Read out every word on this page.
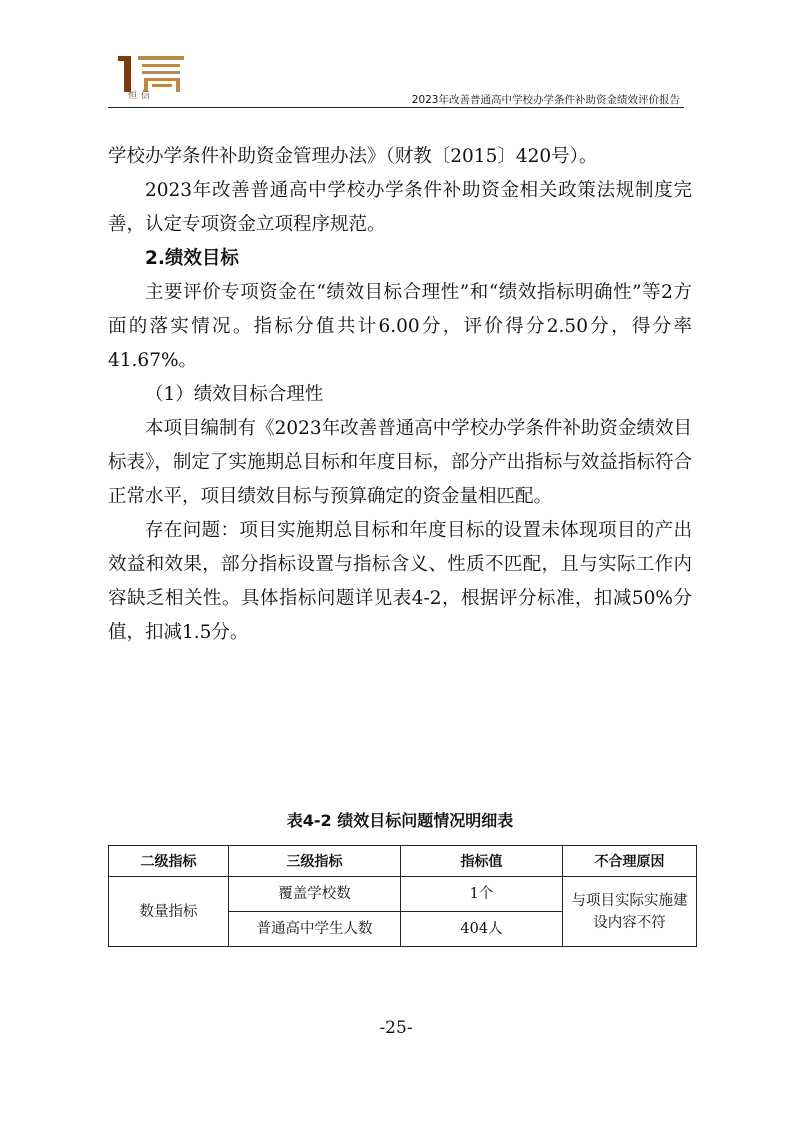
恒信	2023年改善普通高中学校办学条件补助资金绩效评价报告

学校办学条件补助资金管理办法》（财教〔2015〕420号）。

2023年改善普通高中学校办学条件补助资金相关政策法规制度完善，认定专项资金立项程序规范。

2.绩效目标

主要评价专项资金在“绩效目标合理性”和“绩效指标明确性”等2方面的落实情况。指标分值共计6.00分，评价得分2.50分，得分率41.67%。

（1）绩效目标合理性

本项目编制有《2023年改善普通高中学校办学条件补助资金绩效目标表》，制定了实施期总目标和年度目标，部分产出指标与效益指标符合正常水平，项目绩效目标与预算确定的资金量相匹配。

存在问题：项目实施期总目标和年度目标的设置未体现项目的产出效益和效果，部分指标设置与指标含义、性质不匹配，且与实际工作内容缺乏相关性。具体指标问题详见表4-2，根据评分标准，扣减50%分值，扣减1.5分。

表4-2 绩效目标问题情况明细表
二级指标	三级指标	指标值	不合理原因
数量指标	覆盖学校数	1个	与项目实际实施建设内容不符
	普通高中学生人数	404人	
-25-
